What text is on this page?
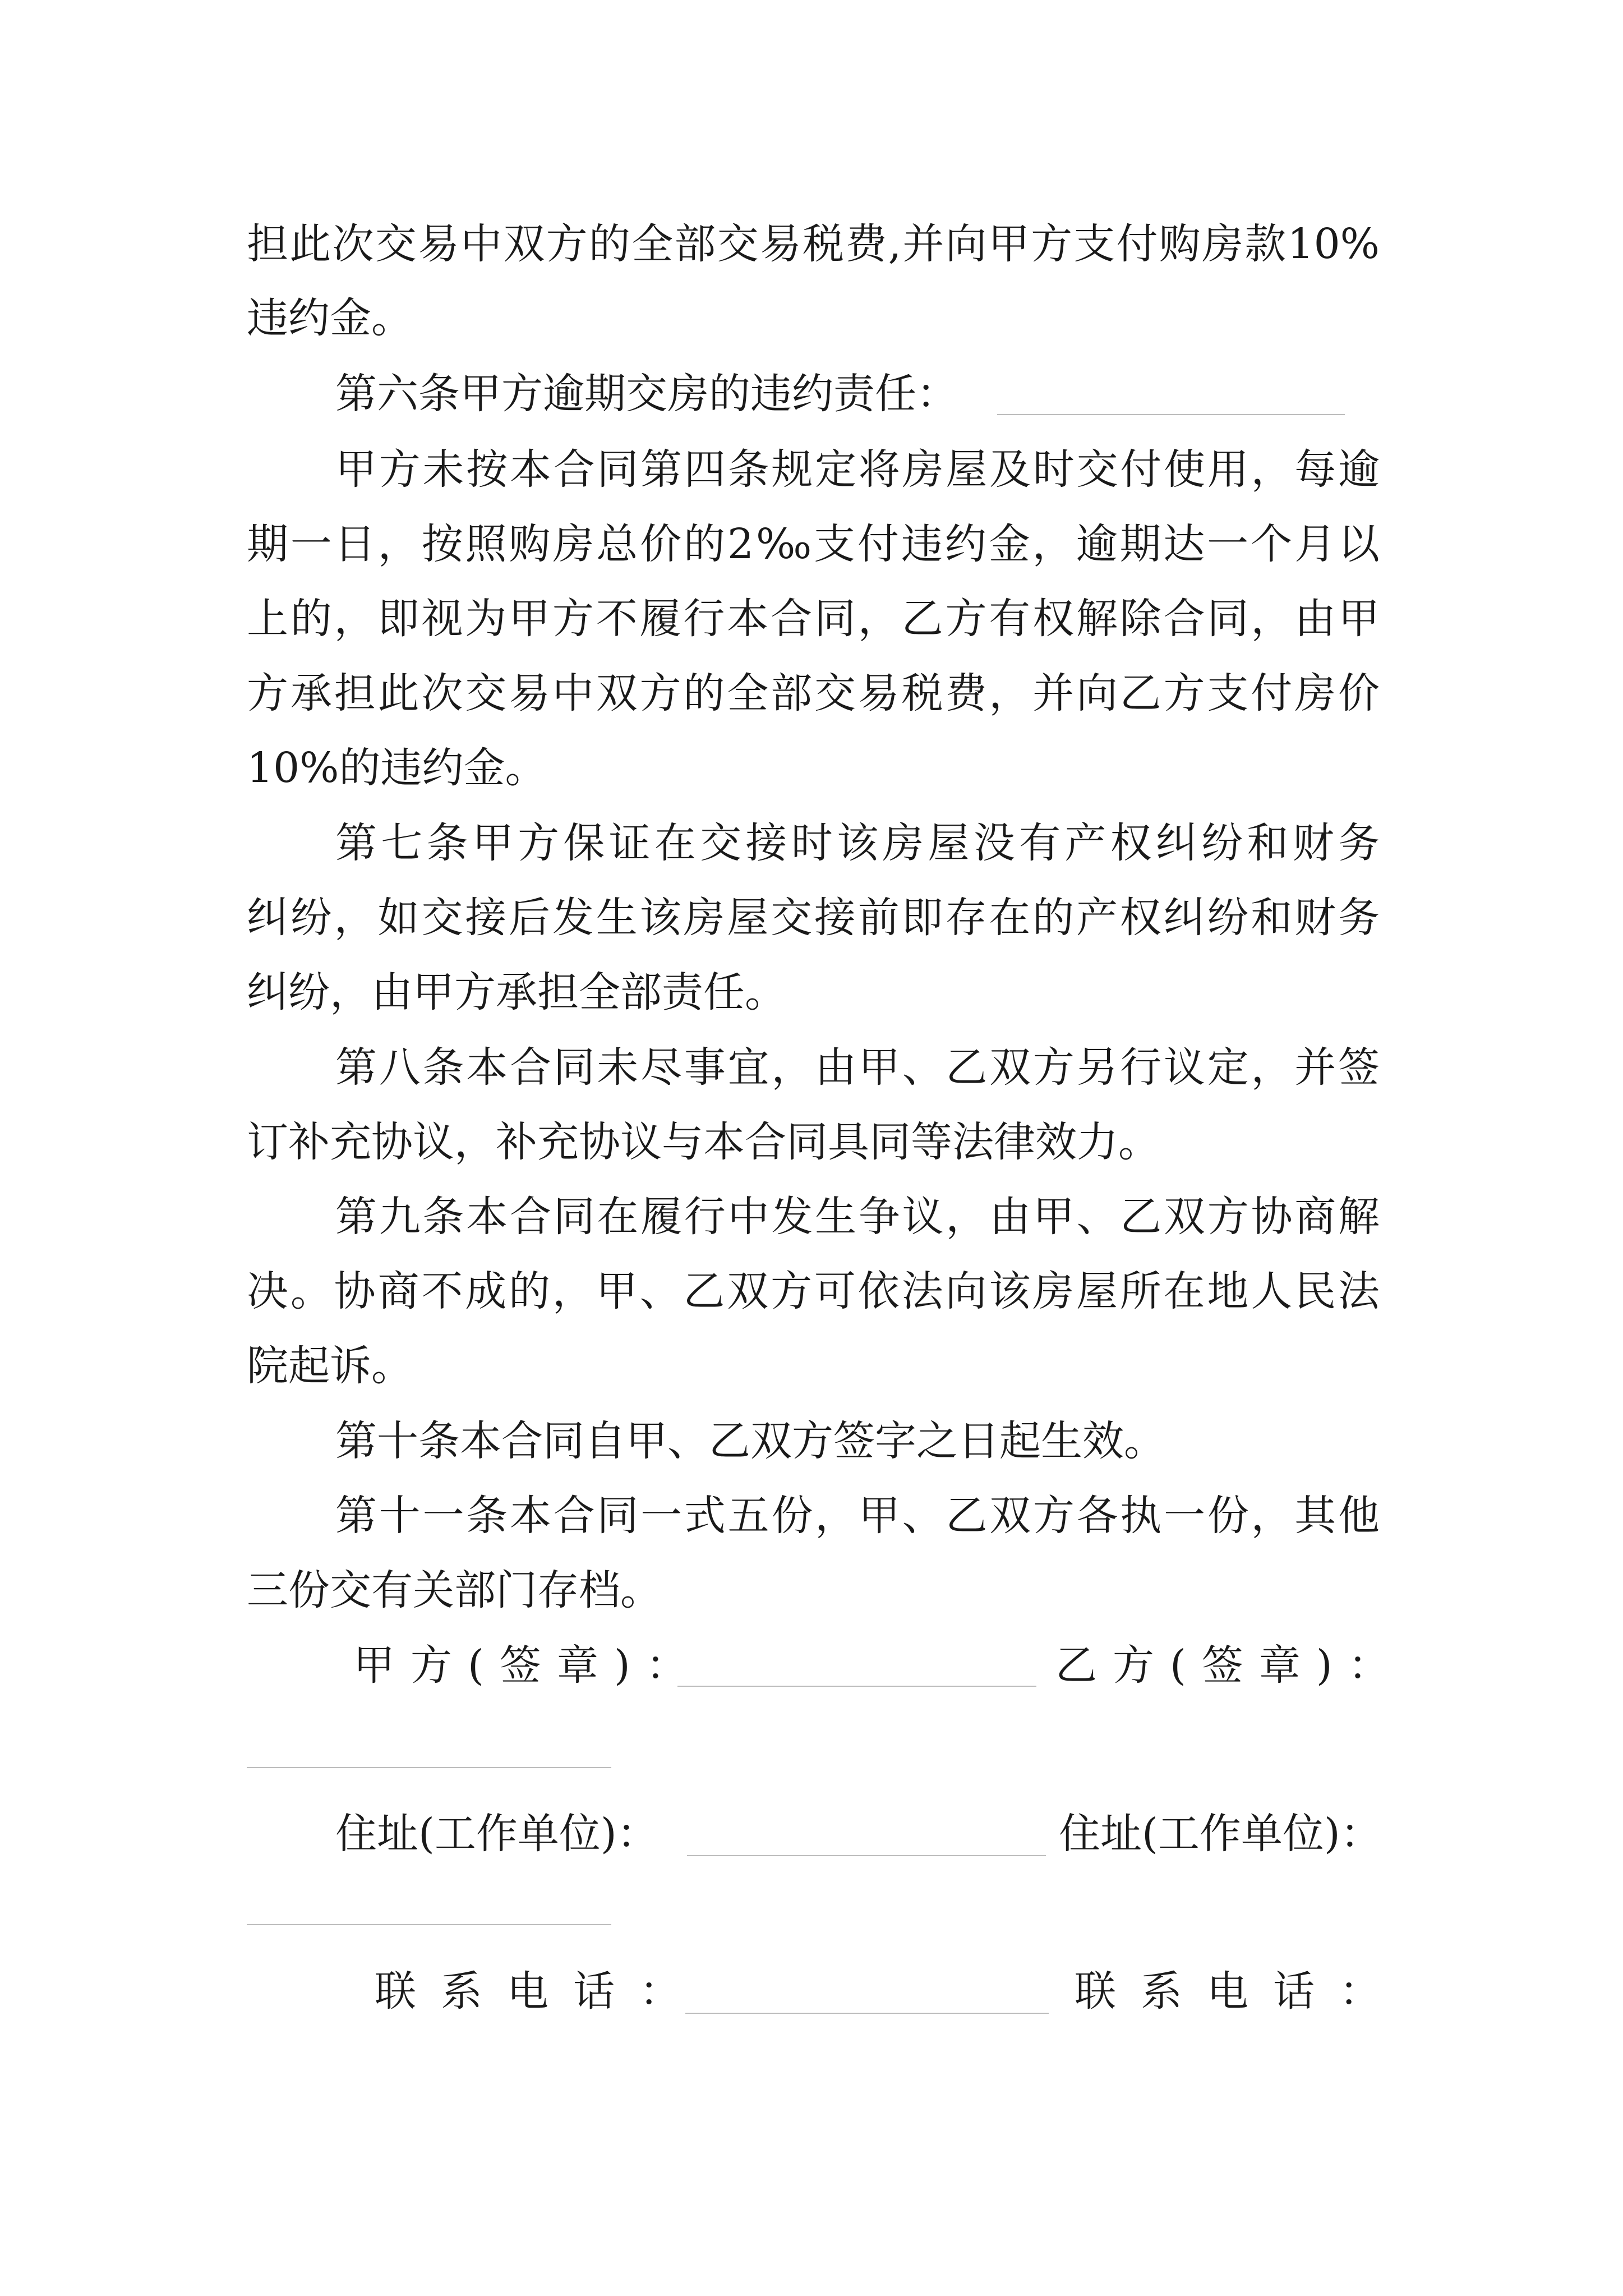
担此次交易中双方的全部交易税费,并向甲方支付购房款10%
违约金。
第六条甲方逾期交房的违约责任：
甲方未按本合同第四条规定将房屋及时交付使用，每逾
期一日，按照购房总价的2‰支付违约金，逾期达一个月以
上的，即视为甲方不履行本合同，乙方有权解除合同，由甲
方承担此次交易中双方的全部交易税费，并向乙方支付房价
10%的违约金。
第七条甲方保证在交接时该房屋没有产权纠纷和财务
纠纷，如交接后发生该房屋交接前即存在的产权纠纷和财务
纠纷，由甲方承担全部责任。
第八条本合同未尽事宜，由甲、乙双方另行议定，并签
订补充协议，补充协议与本合同具同等法律效力。
第九条本合同在履行中发生争议，由甲、乙双方协商解
决。协商不成的，甲、乙双方可依法向该房屋所在地人民法
院起诉。
第十条本合同自甲、乙双方签字之日起生效。
第十一条本合同一式五份，甲、乙双方各执一份，其他
三份交有关部门存档。
甲方(签章)：	乙方(签章)：
住址(工作单位)：	住址(工作单位)：
联系电话：	联系电话：
